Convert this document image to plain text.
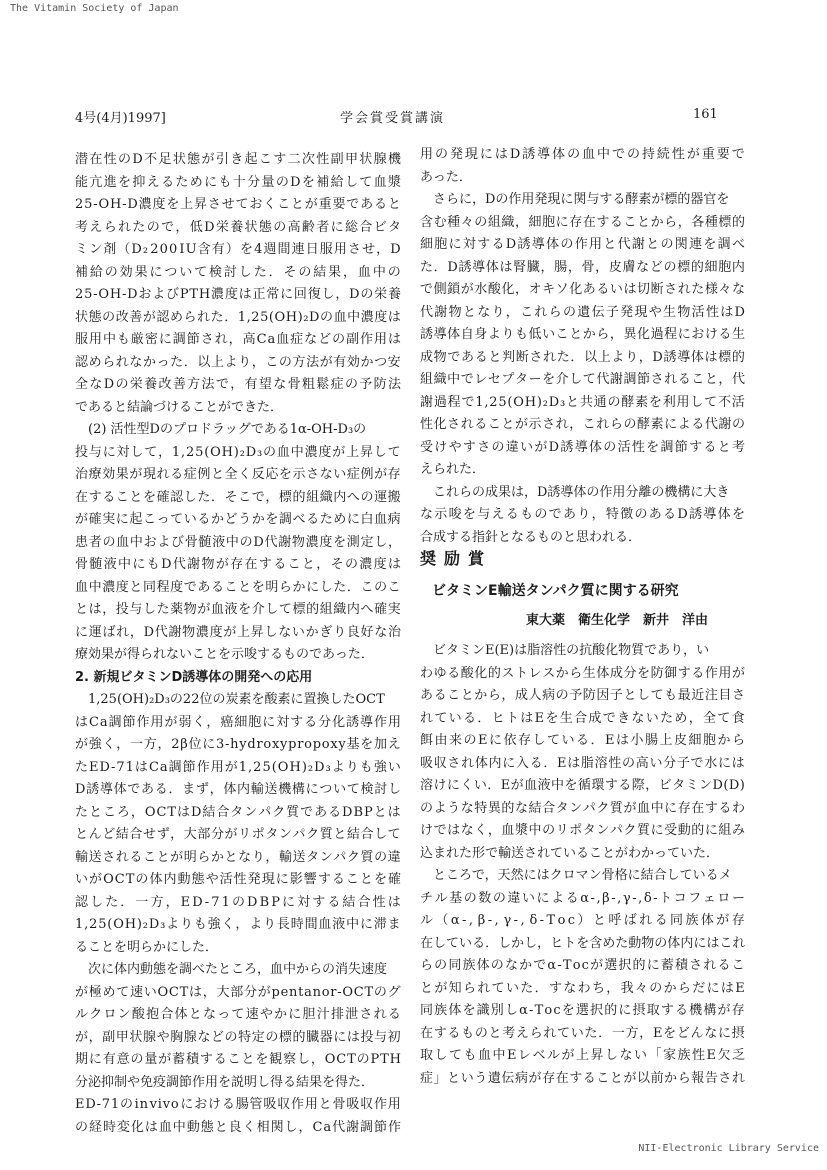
The Vitamin Society of Japan
4号(4月)1997]	学会賞受賞講演	161
潜 在 性 の D 不 足 状 態 が 引 き 起 こ す 二 次 性 副 甲 状 腺 機
能 亢 進 を 抑 え る た め に も 十 分 量 の D を 補 給 し て 血 漿
2 5 - O H - D 濃 度 を 上 昇 さ せ て お く こ と が 重 要 で あ る と
考 え ら れ た の で ， 低 D 栄 養 状 態 の 高 齢 者 に 総 合 ビ タ
ミ ン 剤 （ D ₂ 2 0 0 I U 含 有 ） を 4 週 間 連 日 服 用 さ せ ， D
補 給 の 効 果 に つ い て 検 討 し た ． そ の 結 果 ， 血 中 の
2 5 - O H - D お よ び P T H 濃 度 は 正 常 に 回 復 し ， D の 栄 養
状 態 の 改 善 が 認 め ら れ た ． 1 , 2 5 ( O H ) ₂ D の 血 中 濃 度 は
服 用 中 も 厳 密 に 調 節 さ れ ， 高 C a 血 症 な ど の 副 作 用 は
認 め ら れ な か っ た ． 以 上 よ り ， こ の 方 法 が 有 効 か つ 安
全 な D の 栄 養 改 善 方 法 で ， 有 望 な 骨 粗 鬆 症 の 予 防 法
であると結論づけることができた．
(2) 活性型Dのプロドラッグである1α-OH-D₃の
投 与 に 対 し て ， 1 , 2 5 ( O H ) ₂ D ₃ の 血 中 濃 度 が 上 昇 し て
治 療 効 果 が 現 れ る 症 例 と 全 く 反 応 を 示 さ な い 症 例 が 存
在 す る こ と を 確 認 し た ． そ こ で ， 標 的 組 織 内 へ の 運 搬
が 確 実 に 起 こ っ て い る か ど う か を 調 べ る た め に 白 血 病
患 者 の 血 中 お よ び 骨 髄 液 中 の D 代 謝 物 濃 度 を 測 定 し ，
骨 髄 液 中 に も D 代 謝 物 が 存 在 す る こ と ， そ の 濃 度 は
血 中 濃 度 と 同 程 度 で あ る こ と を 明 ら か に し た ． こ の こ
と は ， 投 与 し た 薬 物 が 血 液 を 介 し て 標 的 組 織 内 へ 確 実
に 運 ば れ ， D 代 謝 物 濃 度 が 上 昇 し な い か ぎ り 良 好 な 治
療効果が得られないことを示唆するものであった．
2. 新規ビタミンD誘導体の開発への応用
1,25(OH)₂D₃の22位の炭素を酸素に置換したOCT
は C a 調 節 作 用 が 弱 く ， 癌 細 胞 に 対 す る 分 化 誘 導 作 用
が 強 く ， 一 方 ， 2 β 位 に 3 - h y d r o x y p r o p o x y 基 を 加 え
た E D - 7 1 は C a 調 節 作 用 が 1 , 2 5 ( O H ) ₂ D ₃ よ り も 強 い
D 誘 導 体 で あ る ． ま ず ， 体 内 輸 送 機 構 に つ い て 検 討 し
た と こ ろ ， O C T は D 結 合 タ ン パ ク 質 で あ る D B P と は
と ん ど 結 合 せ ず ， 大 部 分 が リ ポ タ ン パ ク 質 と 結 合 し て
輸 送 さ れ る こ と が 明 ら か と な り ， 輸 送 タ ン パ ク 質 の 違
い が O C T の 体 内 動 態 や 活 性 発 現 に 影 響 す る こ と を 確
認 し た ． 一 方 ， E D - 7 1 の D B P に 対 す る 結 合 性 は
1 , 2 5 ( O H ) ₂ D ₃ よ り も 強 く ， よ り 長 時 間 血 液 中 に 滞 ま
ることを明らかにした．
次に体内動態を調べたところ，血中からの消失速度
が 極 め て 速 い O C T は ， 大 部 分 が p e n t a n o r - O C T の グ
ル ク ロ ン 酸 抱 合 体 と な っ て 速 や か に 胆 汁 排 泄 さ れ る
が ， 副 甲 状 腺 や 胸 腺 な ど の 特 定 の 標 的 臓 器 に は 投 与 初
期 に 有 意 の 量 が 蓄 積 す る こ と を 観 察 し ， O C T の P T H
分泌抑制や免疫調節作用を説明し得る結果を得た．
E D - 7 1 の i n v i v o に お け る 腸 管 吸 収 作 用 と 骨 吸 収 作 用
の 経 時 変 化 は 血 中 動 態 と 良 く 相 関 し ， C a 代 謝 調 節 作
用 の 発 現 に は D 誘 導 体 の 血 中 で の 持 続 性 が 重 要 で
あった．
さらに，Dの作用発現に関与する酵素が標的器官を
含 む 種 々 の 組 織 ， 細 胞 に 存 在 す る こ と か ら ， 各 種 標 的
細 胞 に 対 す る D 誘 導 体 の 作 用 と 代 謝 と の 関 連 を 調 べ
た ． D 誘 導 体 は 腎 臓 ， 腸 ， 骨 ， 皮 膚 な ど の 標 的 細 胞 内
で 側 鎖 が 水 酸 化 ， オ キ ソ 化 あ る い は 切 断 さ れ た 様 々 な
代 謝 物 と な り ， こ れ ら の 遺 伝 子 発 現 や 生 物 活 性 は D
誘 導 体 自 身 よ り も 低 い こ と か ら ， 異 化 過 程 に お け る 生
成 物 で あ る と 判 断 さ れ た ． 以 上 よ り ， D 誘 導 体 は 標 的
組 織 中 で レ セ プ タ ー を 介 し て 代 謝 調 節 さ れ る こ と ， 代
謝 過 程 で 1 , 2 5 ( O H ) ₂ D ₃ と 共 通 の 酵 素 を 利 用 し て 不 活
性 化 さ れ る こ と が 示 さ れ ， こ れ ら の 酵 素 に よ る 代 謝 の
受 け や す さ の 違 い が D 誘 導 体 の 活 性 を 調 節 す る と 考
えられた．
これらの成果は，D誘導体の作用分離の機構に大き
な 示 唆 を 与 え る も の で あ り ， 特 徴 の あ る D 誘 導 体 を
合成する指針となるものと思われる．
奨励賞
ビタミンE輸送タンパク質に関する研究
東大薬　衛生化学　新井　洋由
ビタミンE(E)は脂溶性の抗酸化物質であり，い
わ ゆ る 酸 化 的 ス ト レ ス か ら 生 体 成 分 を 防 御 す る 作 用 が
あ る こ と か ら ， 成 人 病 の 予 防 因 子 と し て も 最 近 注 目 さ
れ て い る ． ヒ ト は E を 生 合 成 で き な い た め ， 全 て 食
餌 由 来 の E に 依 存 し て い る ． E は 小 腸 上 皮 細 胞 か ら
吸 収 さ れ 体 内 に 入 る ． E は 脂 溶 性 の 高 い 分 子 で 水 に は
溶 け に く い ． E が 血 液 中 を 循 環 す る 際 ， ビ タ ミ ン D ( D )
の よ う な 特 異 的 な 結 合 タ ン パ ク 質 が 血 中 に 存 在 す る わ
け で は な く ， 血 漿 中 の リ ポ タ ン パ ク 質 に 受 動 的 に 組 み
込まれた形で輸送されていることがわかっていた．
ところで，天然にはクロマン骨格に結合しているメ
チ ル 基 の 数 の 違 い に よ る α - , β - , γ - , δ - ト コ フ ェ ロ ー
ル （ α - , β - , γ - , δ - T o c ） と 呼 ば れ る 同 族 体 が 存
在 し て い る ． し か し ， ヒ ト を 含 め た 動 物 の 体 内 に は こ れ
ら の 同 族 体 の な か で α - T o c が 選 択 的 に 蓄 積 さ れ る こ
と が 知 ら れ て い た ． す な わ ち ， 我 々 の か ら だ に は E
同 族 体 を 識 別 し α - T o c を 選 択 的 に 摂 取 す る 機 構 が 存
在 す る も の と 考 え ら れ て い た ． 一 方 ， E を ど ん な に 摂
取 し て も 血 中 E レ ベ ル が 上 昇 し な い 「 家 族 性 E 欠 乏
症 」 と い う 遺 伝 病 が 存 在 す る こ と が 以 前 か ら 報 告 さ れ
NII-Electronic Library Service
